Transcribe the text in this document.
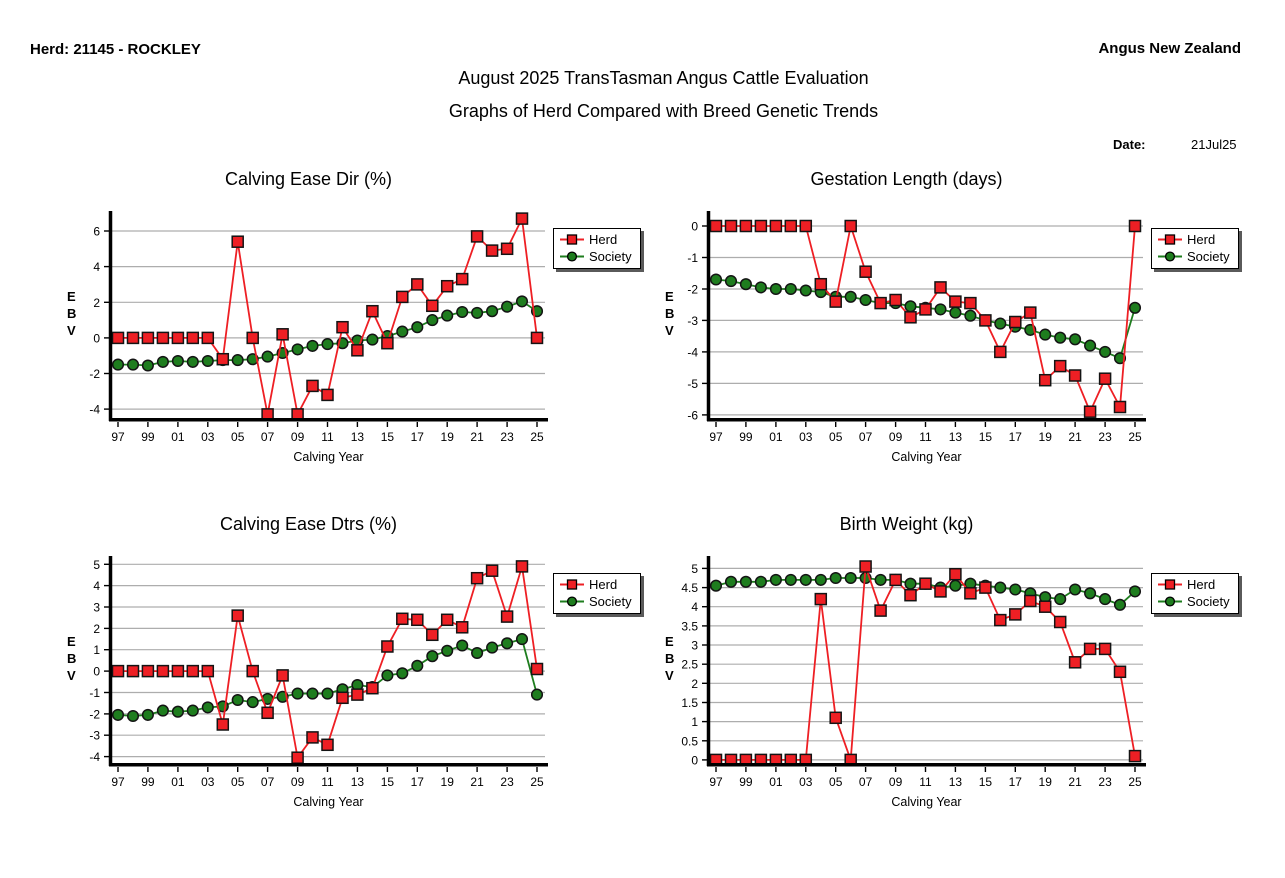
Herd: 21145 - ROCKLEY	Angus New Zealand
August 2025 TransTasman Angus Cattle Evaluation
Graphs of Herd Compared with Breed Genetic Trends
Date:	21Jul25
Calving Ease Dir (%)
6
4
2
0
-2
-4
97 99 01 03 05 07 09 11 13 15 17 19 21 23 25
Calving Year
E
B
V
Herd
Society
Gestation Length (days)
0
-1
-2
-3
-4
-5
-6
97 99 01 03 05 07 09 11 13 15 17 19 21 23 25
Calving Year
E
B
V
Herd
Society
Calving Ease Dtrs (%)
5
4
3
2
1
0
-1
-2
-3
-4
97 99 01 03 05 07 09 11 13 15 17 19 21 23 25
Calving Year
E
B
V
Herd
Society
Birth Weight (kg)
5
4.5
4
3.5
3
2.5
2
1.5
1
0.5
0
97 99 01 03 05 07 09 11 13 15 17 19 21 23 25
Calving Year
E
B
V
Herd
Society
